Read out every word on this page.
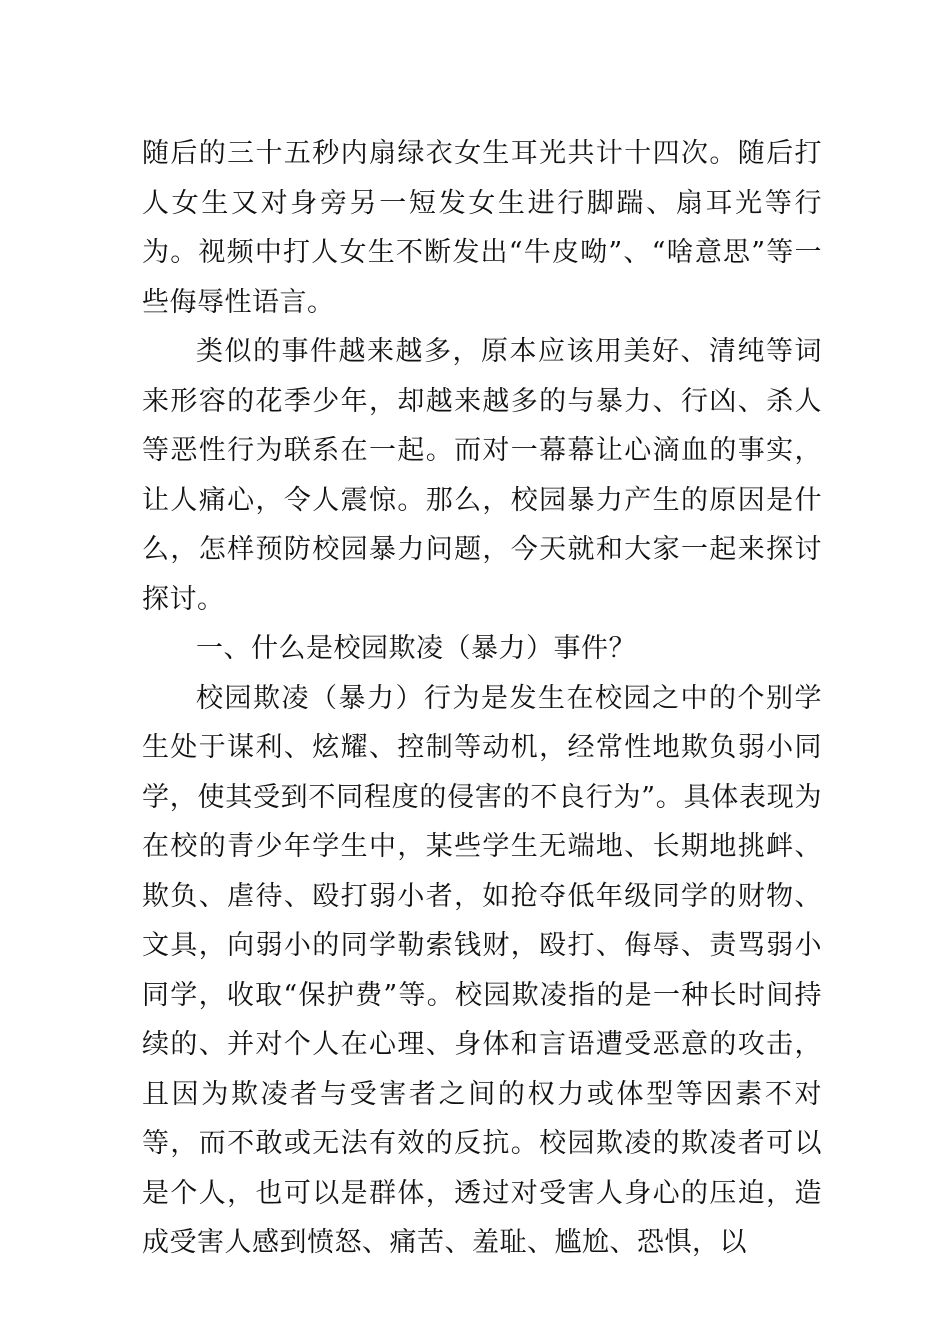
随后的三十五秒内扇绿衣女生耳光共计十四次。随后打人女生又对身旁另一短发女生进行脚踹、扇耳光等行为。视频中打人女生不断发出“牛皮呦”、“啥意思”等一些侮辱性语言。

类似的事件越来越多，原本应该用美好、清纯等词来形容的花季少年，却越来越多的与暴力、行凶、杀人等恶性行为联系在一起。而对一幕幕让心滴血的事实，让人痛心，令人震惊。那么，校园暴力产生的原因是什么，怎样预防校园暴力问题，今天就和大家一起来探讨探讨。

一、什么是校园欺凌（暴力）事件？

校园欺凌（暴力）行为是发生在校园之中的个别学生处于谋利、炫耀、控制等动机，经常性地欺负弱小同学，使其受到不同程度的侵害的不良行为”。具体表现为在校的青少年学生中，某些学生无端地、长期地挑衅、欺负、虐待、殴打弱小者，如抢夺低年级同学的财物、文具，向弱小的同学勒索钱财，殴打、侮辱、责骂弱小同学，收取“保护费”等。校园欺凌指的是一种长时间持续的、并对个人在心理、身体和言语遭受恶意的攻击，且因为欺凌者与受害者之间的权力或体型等因素不对等，而不敢或无法有效的反抗。校园欺凌的欺凌者可以是个人，也可以是群体，透过对受害人身心的压迫，造成受害人感到愤怒、痛苦、羞耻、尴尬、恐惧，以
